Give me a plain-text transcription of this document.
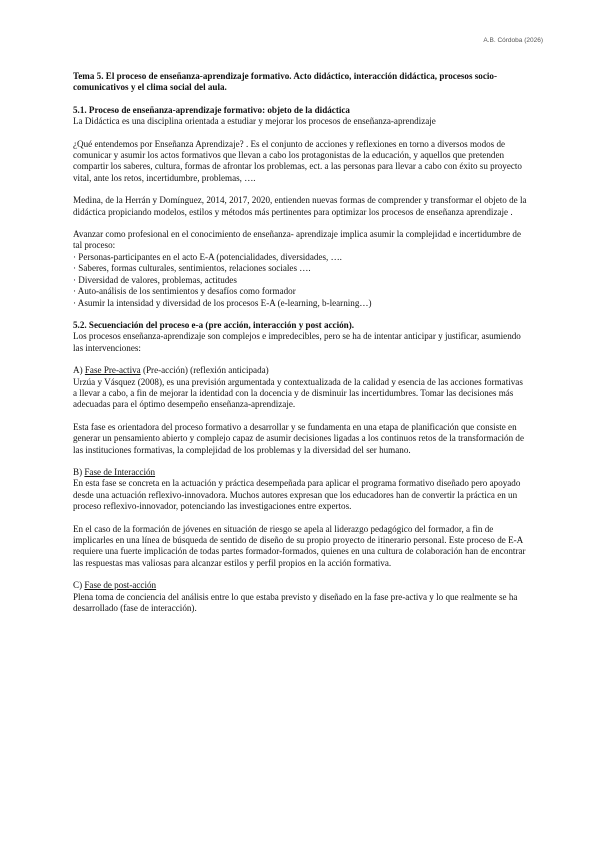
A.B. Córdoba (2026)

Tema 5. El proceso de enseñanza-aprendizaje formativo. Acto didáctico, interacción didáctica, procesos socio-comunicativos y el clima social del aula.

5.1. Proceso de enseñanza-aprendizaje formativo: objeto de la didáctica

La Didáctica es una disciplina orientada a estudiar y mejorar los procesos de enseñanza-aprendizaje

¿Qué entendemos por Enseñanza Aprendizaje? . Es el conjunto de acciones y reflexiones en torno a diversos modos de comunicar y asumir los actos formativos que llevan a cabo los protagonistas de la educación, y aquellos que pretenden compartir los saberes, cultura, formas de afrontar los problemas, ect. a las personas para llevar a cabo con éxito su proyecto vital, ante los retos, incertidumbre, problemas, ….

Medina, de la Herrán y Domínguez, 2014, 2017, 2020, entienden nuevas formas de comprender y transformar el objeto de la didáctica propiciando modelos, estilos y métodos más pertinentes para optimizar los procesos de enseñanza aprendizaje .

Avanzar como profesional en el conocimiento de enseñanza- aprendizaje implica asumir la complejidad e incertidumbre de tal proceso:

· Personas-participantes en el acto E-A (potencialidades, diversidades, ….
· Saberes, formas culturales, sentimientos, relaciones sociales ….
· Diversidad de valores, problemas, actitudes
· Auto-análisis de los sentimientos y desafíos como formador
· Asumir la intensidad y diversidad de los procesos E-A (e-learning, b-learning…)

5.2. Secuenciación del proceso e-a (pre acción, interacción y post acción).

Los procesos enseñanza-aprendizaje son complejos e impredecibles, pero se ha de intentar anticipar y justificar, asumiendo las intervenciones:

A) Fase Pre-activa (Pre-acción) (reflexión anticipada)

Urzúa y Vásquez (2008), es una previsión argumentada y contextualizada de la calidad y esencia de las acciones formativas a llevar a cabo, a fin de mejorar la identidad con la docencia y de disminuir las incertidumbres. Tomar las decisiones más adecuadas para el óptimo desempeño enseñanza-aprendizaje.

Esta fase es orientadora del proceso formativo a desarrollar y se fundamenta en una etapa de planificación que consiste en generar un pensamiento abierto y complejo capaz de asumir decisiones ligadas a los continuos retos de la transformación de las instituciones formativas, la complejidad de los problemas y la diversidad del ser humano.

B) Fase de Interacción

En esta fase se concreta en la actuación y práctica desempeñada para aplicar el programa formativo diseñado pero apoyado desde una actuación reflexivo-innovadora. Muchos autores expresan que los educadores han de convertir la práctica en un proceso reflexivo-innovador, potenciando las investigaciones entre expertos.

En el caso de la formación de jóvenes en situación de riesgo se apela al liderazgo pedagógico del formador, a fin de implicarles en una línea de búsqueda de sentido de diseño de su propio proyecto de itinerario personal. Este proceso de E-A requiere una fuerte implicación de todas partes formador-formados, quienes en una cultura de colaboración han de encontrar las respuestas mas valiosas para alcanzar estilos y perfil propios en la acción formativa.

C) Fase de post-acción

Plena toma de conciencia del análisis entre lo que estaba previsto y diseñado en la fase pre-activa y lo que realmente se ha desarrollado (fase de interacción).
